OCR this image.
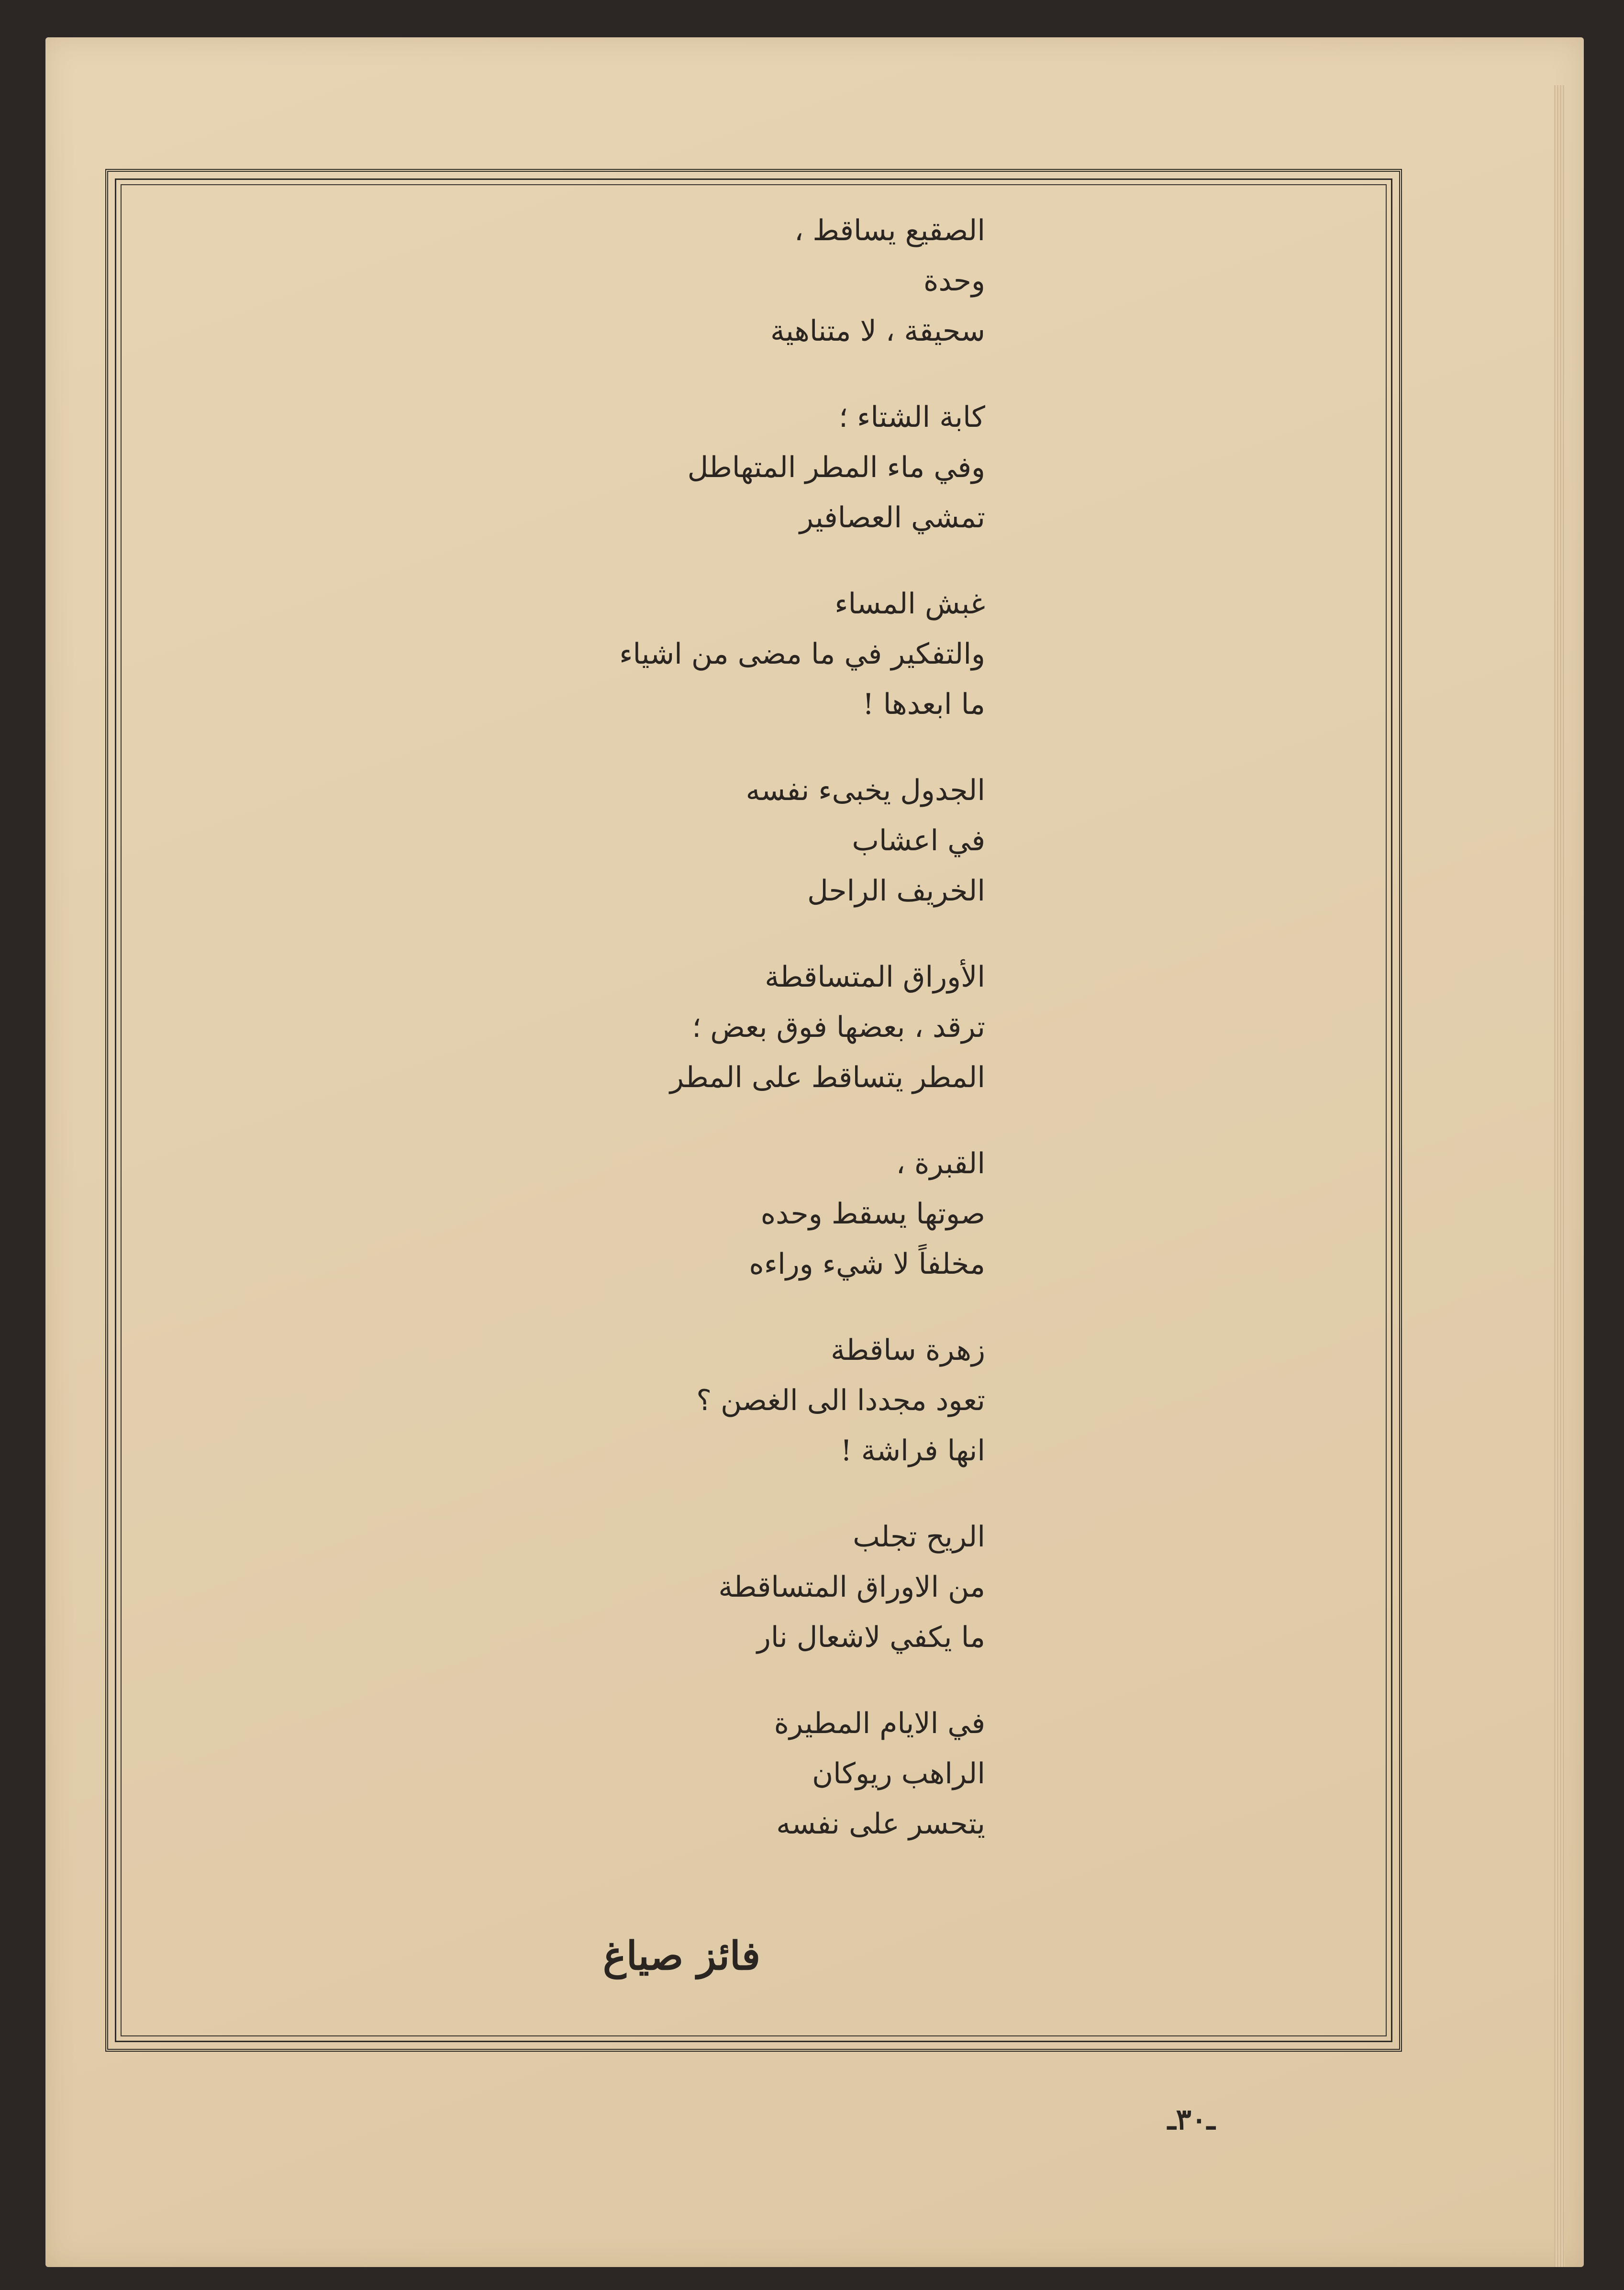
الصقيع يساقط ،
وحدة
سحيقة ، لا متناهية
كابة الشتاء ؛
وفي ماء المطر المتهاطل
تمشي العصافير
غبش المساء
والتفكير في ما مضى من اشياء
ما ابعدها !
الجدول يخبىء نفسه
في اعشاب
الخريف الراحل
الأوراق المتساقطة
ترقد ، بعضها فوق بعض ؛
المطر يتساقط على المطر
القبرة ،
صوتها يسقط وحده
مخلفاً لا شيء وراءه
زهرة ساقطة
تعود مجددا الى الغصن ؟
انها فراشة !
الريح تجلب
من الاوراق المتساقطة
ما يكفي لاشعال نار
في الايام المطيرة
الراهب ريوكان
يتحسر على نفسه
فائز صياغ
ـ٣٠ـ
